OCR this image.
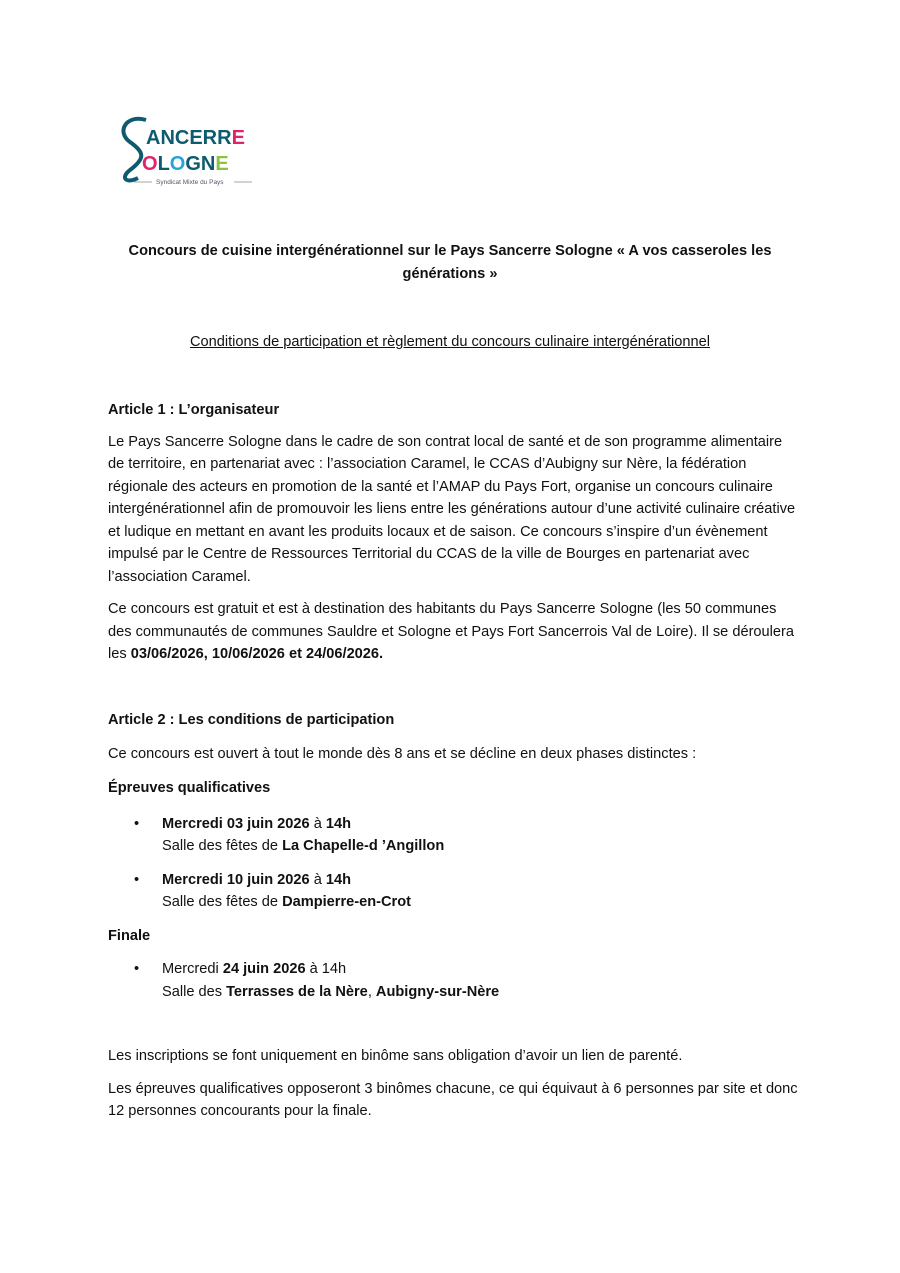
ANCERRE
OLOGNE
Syndicat Mixte du Pays
Concours de cuisine intergénérationnel sur le Pays Sancerre Sologne « A vos casseroles les générations »
Conditions de participation et règlement du concours culinaire intergénérationnel
Article 1 : L’organisateur

Le Pays Sancerre Sologne dans le cadre de son contrat local de santé et de son programme alimentaire de territoire, en partenariat avec : l’association Caramel, le CCAS d’Aubigny sur Nère, la fédération régionale des acteurs en promotion de la santé et l’AMAP du Pays Fort, organise un concours culinaire intergénérationnel afin de promouvoir les liens entre les générations autour d’une activité culinaire créative et ludique en mettant en avant les produits locaux et de saison. Ce concours s’inspire d’un évènement impulsé par le Centre de Ressources Territorial du CCAS de la ville de Bourges en partenariat avec l’association Caramel.

Ce concours est gratuit et est à destination des habitants du Pays Sancerre Sologne (les 50 communes des communautés de communes Sauldre et Sologne et Pays Fort Sancerrois Val de Loire). Il se déroulera les 03/06/2026, 10/06/2026 et 24/06/2026.

Article 2 : Les conditions de participation

Ce concours est ouvert à tout le monde dès 8 ans et se décline en deux phases distinctes :

Épreuves qualificatives
• Mercredi 03 juin 2026 à 14h
Salle des fêtes de La Chapelle-d ’Angillon
• Mercredi 10 juin 2026 à 14h
Salle des fêtes de Dampierre-en-Crot
Finale
• Mercredi 24 juin 2026 à 14h
Salle des Terrasses de la Nère, Aubigny-sur-Nère

Les inscriptions se font uniquement en binôme sans obligation d’avoir un lien de parenté.

Les épreuves qualificatives opposeront 3 binômes chacune, ce qui équivaut à 6 personnes par site et donc 12 personnes concourants pour la finale.
